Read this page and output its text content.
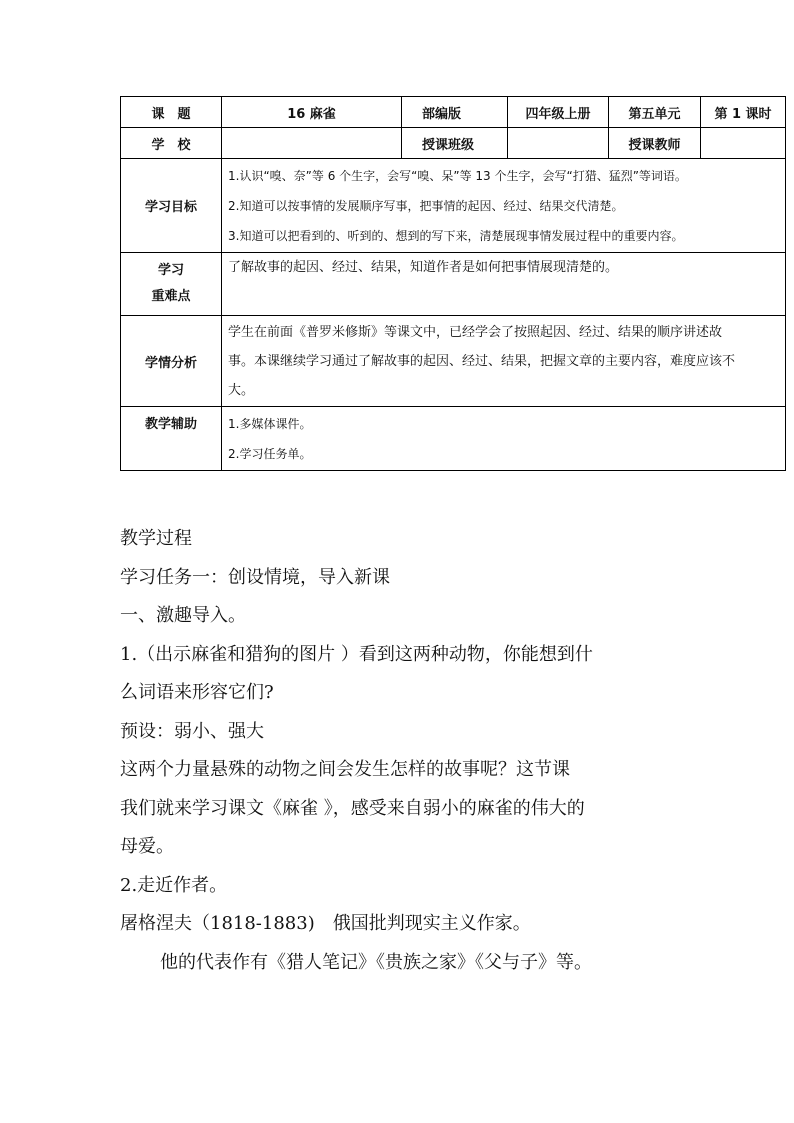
课　题	16 麻雀	部编版	四年级上册	第五单元	第 1 课时
学　校		授课班级		授课教师	
学习目标	1.认识“嗅、奈”等 6 个生字，会写“嗅、呆”等 13 个生字，会写“打猎、猛烈”等词语。
2.知道可以按事情的发展顺序写事，把事情的起因、经过、结果交代清楚。
3.知道可以把看到的、听到的、想到的写下来，清楚展现事情发展过程中的重要内容。				

学习
重难点	了解故事的起因、经过、结果，知道作者是如何把事情展现清楚的。				
学情分析	学生在前面《普罗米修斯》等课文中，已经学会了按照起因、经过、结果的顺序讲述故
事。本课继续学习通过了解故事的起因、经过、结果，把握文章的主要内容，难度应该不
大。				

教学辅助	1.多媒体课件。
2.学习任务单。				

教学过程

学习任务一：创设情境，导入新课

一、激趣导入。

1.（出示麻雀和猎狗的图片 ）看到这两种动物，你能想到什

么词语来形容它们?

预设：弱小、强大

这两个力量悬殊的动物之间会发生怎样的故事呢？这节课

我们就来学习课文《麻雀 》，感受来自弱小的麻雀的伟大的

母爱。

2.走近作者。

屠格涅夫（1818-1883)　俄国批判现实主义作家。

他的代表作有《猎人笔记》《贵族之家》《父与子》等。
